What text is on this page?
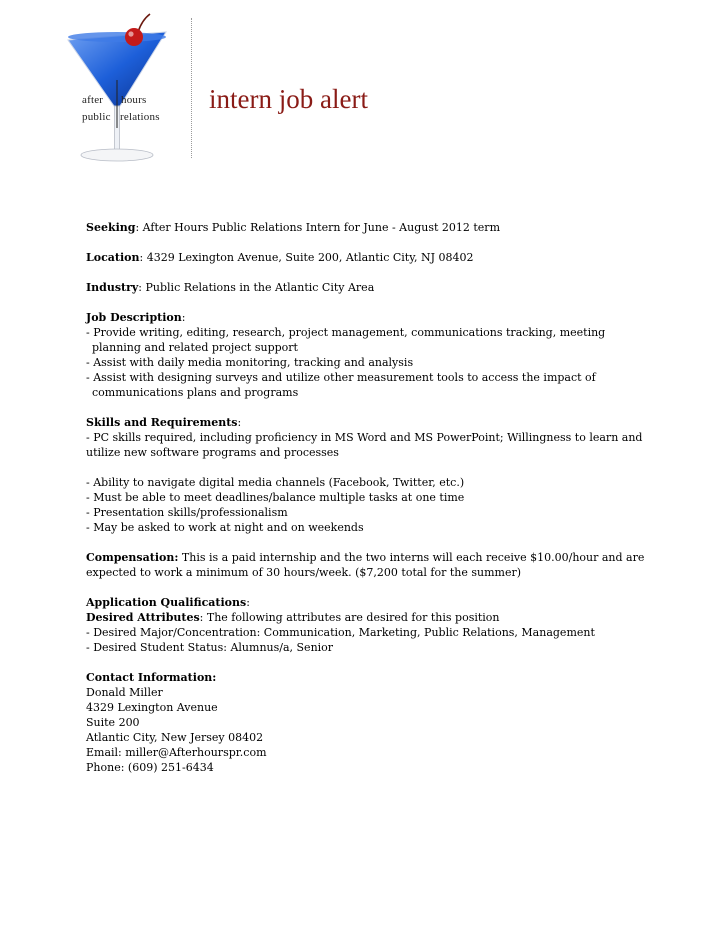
after hours
public relations
intern job alert
Seeking: After Hours Public Relations Intern for June - August 2012 term
Location: 4329 Lexington Avenue, Suite 200, Atlantic City, NJ 08402
Industry: Public Relations in the Atlantic City Area
Job Description:
- Provide writing, editing, research, project management, communications tracking, meeting
planning and related project support
- Assist with daily media monitoring, tracking and analysis
- Assist with designing surveys and utilize other measurement tools to access the impact of
communications plans and programs
Skills and Requirements:
- PC skills required, including proficiency in MS Word and MS PowerPoint; Willingness to learn and
utilize new software programs and processes
- Ability to navigate digital media channels (Facebook, Twitter, etc.)
- Must be able to meet deadlines/balance multiple tasks at one time
- Presentation skills/professionalism
- May be asked to work at night and on weekends
Compensation: This is a paid internship and the two interns will each receive $10.00/hour and are
expected to work a minimum of 30 hours/week. ($7,200 total for the summer)
Application Qualifications:
Desired Attributes: The following attributes are desired for this position
- Desired Major/Concentration: Communication, Marketing, Public Relations, Management
- Desired Student Status: Alumnus/a, Senior
Contact Information:
Donald Miller
4329 Lexington Avenue
Suite 200
Atlantic City, New Jersey 08402
Email: miller@Afterhourspr.com
Phone: (609) 251-6434
